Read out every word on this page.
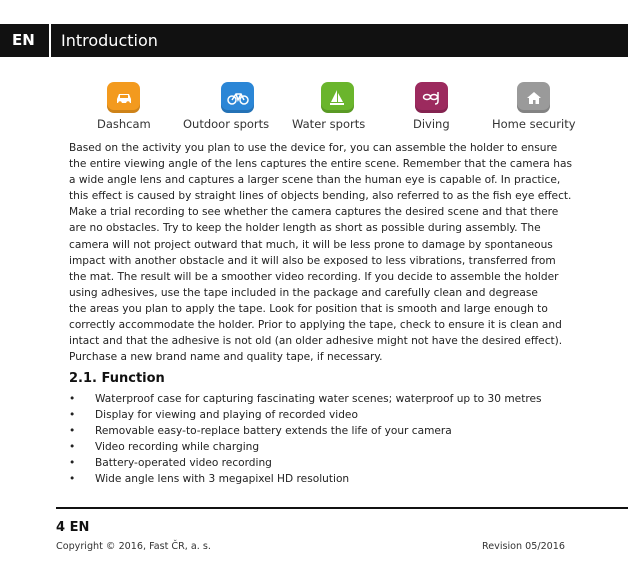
EN	Introduction
Dashcam	Outdoor sports Water sports	Diving	Home security
Based on the activity you plan to use the device for, you can assemble the holder to ensure
the entire viewing angle of the lens captures the entire scene. Remember that the camera has
a wide angle lens and captures a larger scene than the human eye is capable of. In practice,
this effect is caused by straight lines of objects bending, also referred to as the fish eye effect.
Make a trial recording to see whether the camera captures the desired scene and that there
are no obstacles. Try to keep the holder length as short as possible during assembly. The
camera will not project outward that much, it will be less prone to damage by spontaneous
impact with another obstacle and it will also be exposed to less vibrations, transferred from
the mat. The result will be a smoother video recording. If you decide to assemble the holder
using adhesives, use the tape included in the package and carefully clean and degrease
the areas you plan to apply the tape. Look for position that is smooth and large enough to
correctly accommodate the holder. Prior to applying the tape, check to ensure it is clean and
intact and that the adhesive is not old (an older adhesive might not have the desired effect).
Purchase a new brand name and quality tape, if necessary.
2.1. Function
• Waterproof case for capturing fascinating water scenes; waterproof up to 30 metres
• Display for viewing and playing of recorded video
• Removable easy-to-replace battery extends the life of your camera
• Video recording while charging
• Battery-operated video recording
• Wide angle lens with 3 megapixel HD resolution
4 EN
Copyright © 2016, Fast ČR, a. s.	Revision 05/2016
